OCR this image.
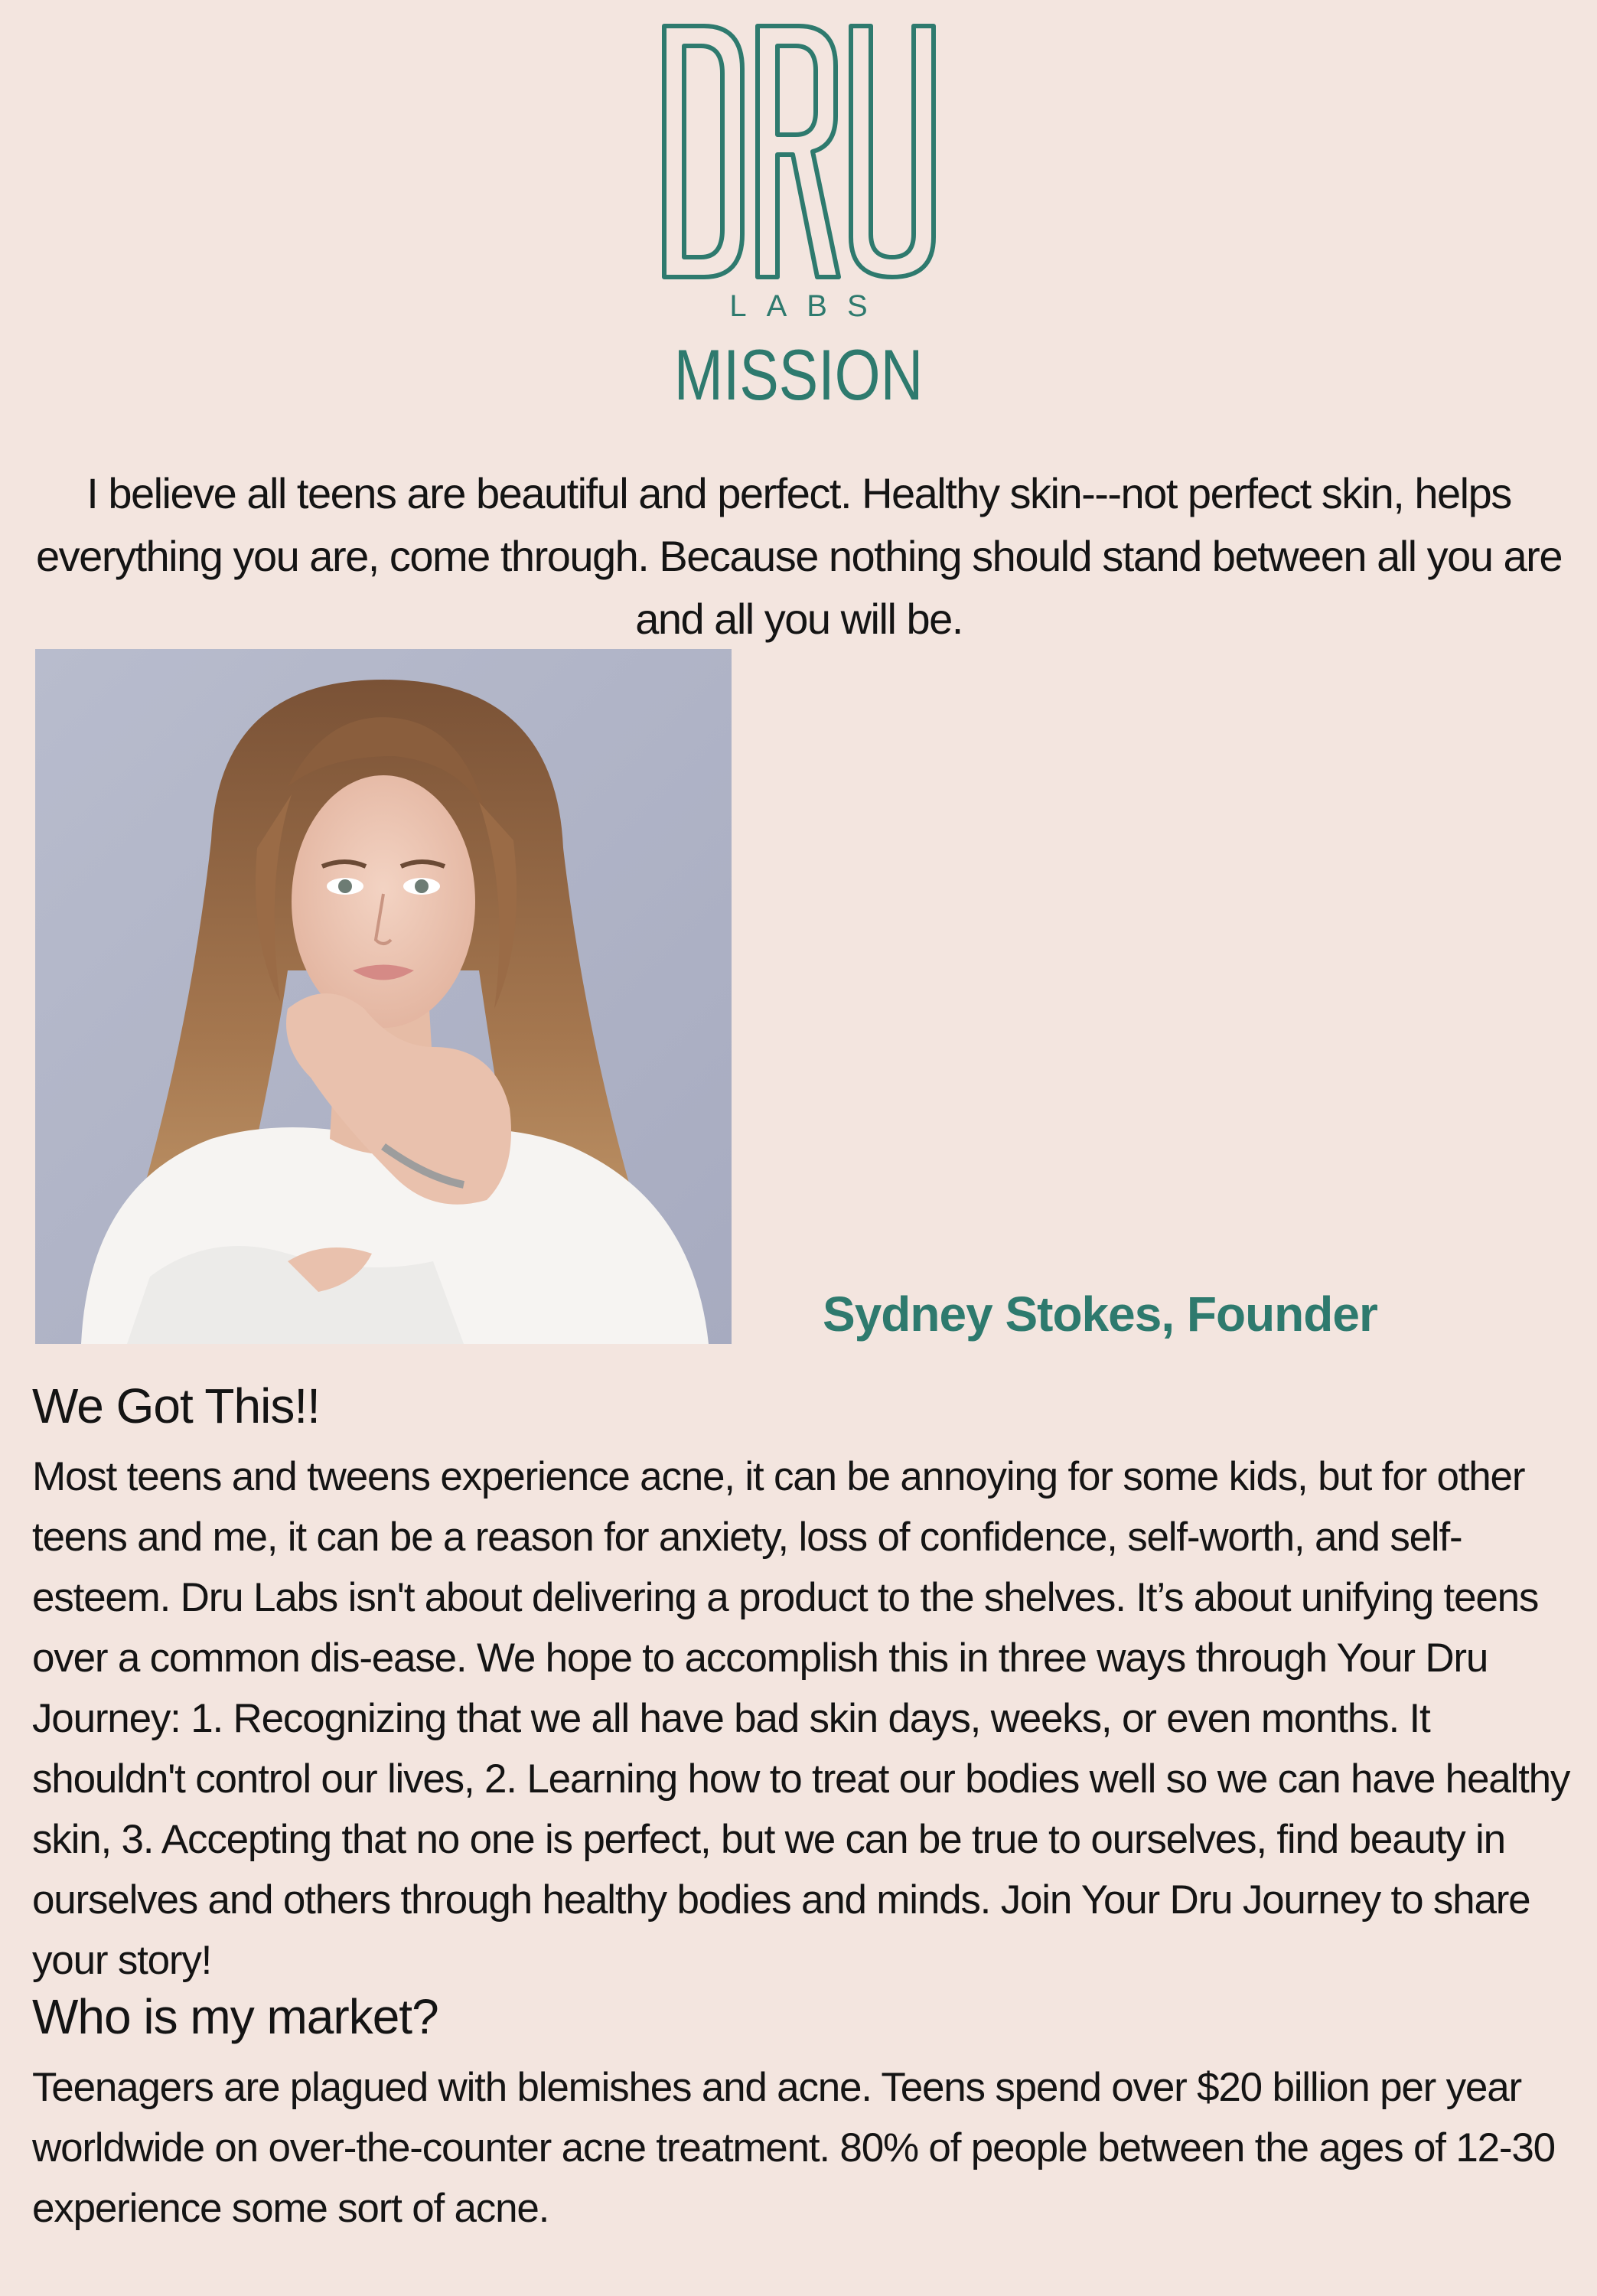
LABS
MISSION
I believe all teens are beautiful and perfect. Healthy skin---not perfect skin, helps everything you are, come through. Because nothing should stand between all you are and all you will be.
Sydney Stokes, Founder
We Got This!!
Most teens and tweens experience acne, it can be annoying for some kids, but for other teens and me, it can be a reason for anxiety, loss of confidence, self-worth, and self-esteem. Dru Labs isn't about delivering a product to the shelves. It’s about unifying teens over a common dis-ease. We hope to accomplish this in three ways through Your Dru Journey: 1. Recognizing that we all have bad skin days, weeks, or even months. It shouldn't control our lives, 2. Learning how to treat our bodies well so we can have healthy skin, 3. Accepting that no one is perfect, but we can be true to ourselves, find beauty in ourselves and others through healthy bodies and minds. Join Your Dru Journey to share your story!
Who is my market?
Teenagers are plagued with blemishes and acne. Teens spend over $20 billion per year worldwide on over-the-counter acne treatment. 80% of people between the ages of 12-30 experience some sort of acne.
